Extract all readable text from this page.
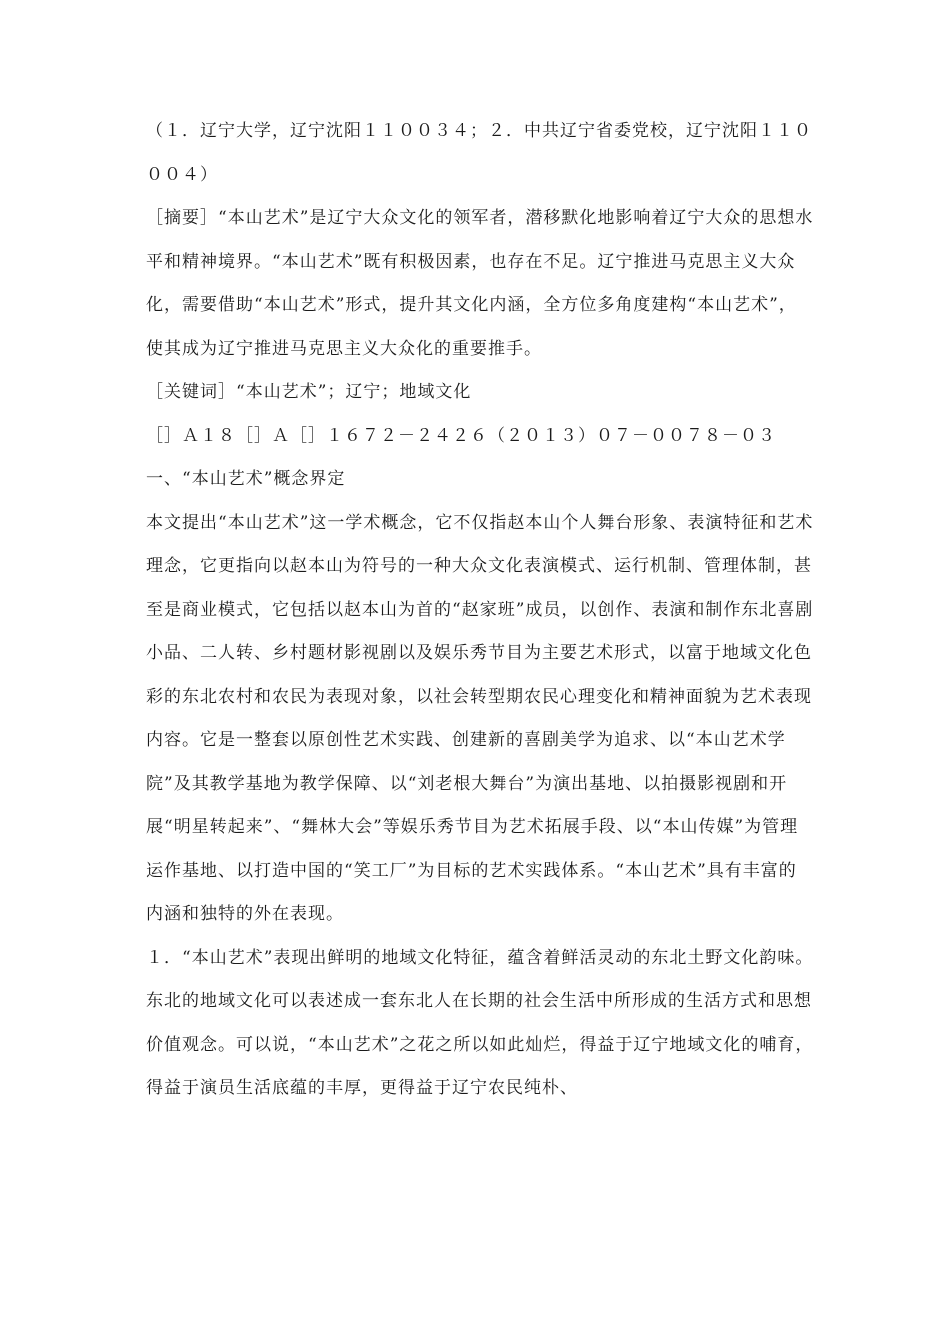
（１．辽宁大学，辽宁沈阳１１００３４；２．中共辽宁省委党校，辽宁沈阳１１０００４）

［摘要］“本山艺术”是辽宁大众文化的领军者，潜移默化地影响着辽宁大众的思想水平和精神境界。“本山艺术”既有积极因素，也存在不足。辽宁推进马克思主义大众化，需要借助“本山艺术”形式，提升其文化内涵，全方位多角度建构“本山艺术”，使其成为辽宁推进马克思主义大众化的重要推手。

［关键词］“本山艺术”；辽宁；地域文化

［］Ａ１８［］Ａ［］１６７２－２４２６（２０１３）０７－００７８－０３

一、“本山艺术”概念界定

本文提出“本山艺术”这一学术概念，它不仅指赵本山个人舞台形象、表演特征和艺术理念，它更指向以赵本山为符号的一种大众文化表演模式、运行机制、管理体制，甚至是商业模式，它包括以赵本山为首的“赵家班”成员，以创作、表演和制作东北喜剧小品、二人转、乡村题材影视剧以及娱乐秀节目为主要艺术形式，以富于地域文化色彩的东北农村和农民为表现对象，以社会转型期农民心理变化和精神面貌为艺术表现内容。它是一整套以原创性艺术实践、创建新的喜剧美学为追求、以“本山艺术学院”及其教学基地为教学保障、以“刘老根大舞台”为演出基地、以拍摄影视剧和开展“明星转起来”、“舞林大会”等娱乐秀节目为艺术拓展手段、以“本山传媒”为管理运作基地、以打造中国的“笑工厂”为目标的艺术实践体系。“本山艺术”具有丰富的内涵和独特的外在表现。

１．“本山艺术”表现出鲜明的地域文化特征，蕴含着鲜活灵动的东北土野文化韵味。东北的地域文化可以表述成一套东北人在长期的社会生活中所形成的生活方式和思想价值观念。可以说，“本山艺术”之花之所以如此灿烂，得益于辽宁地域文化的哺育，得益于演员生活底蕴的丰厚，更得益于辽宁农民纯朴、
